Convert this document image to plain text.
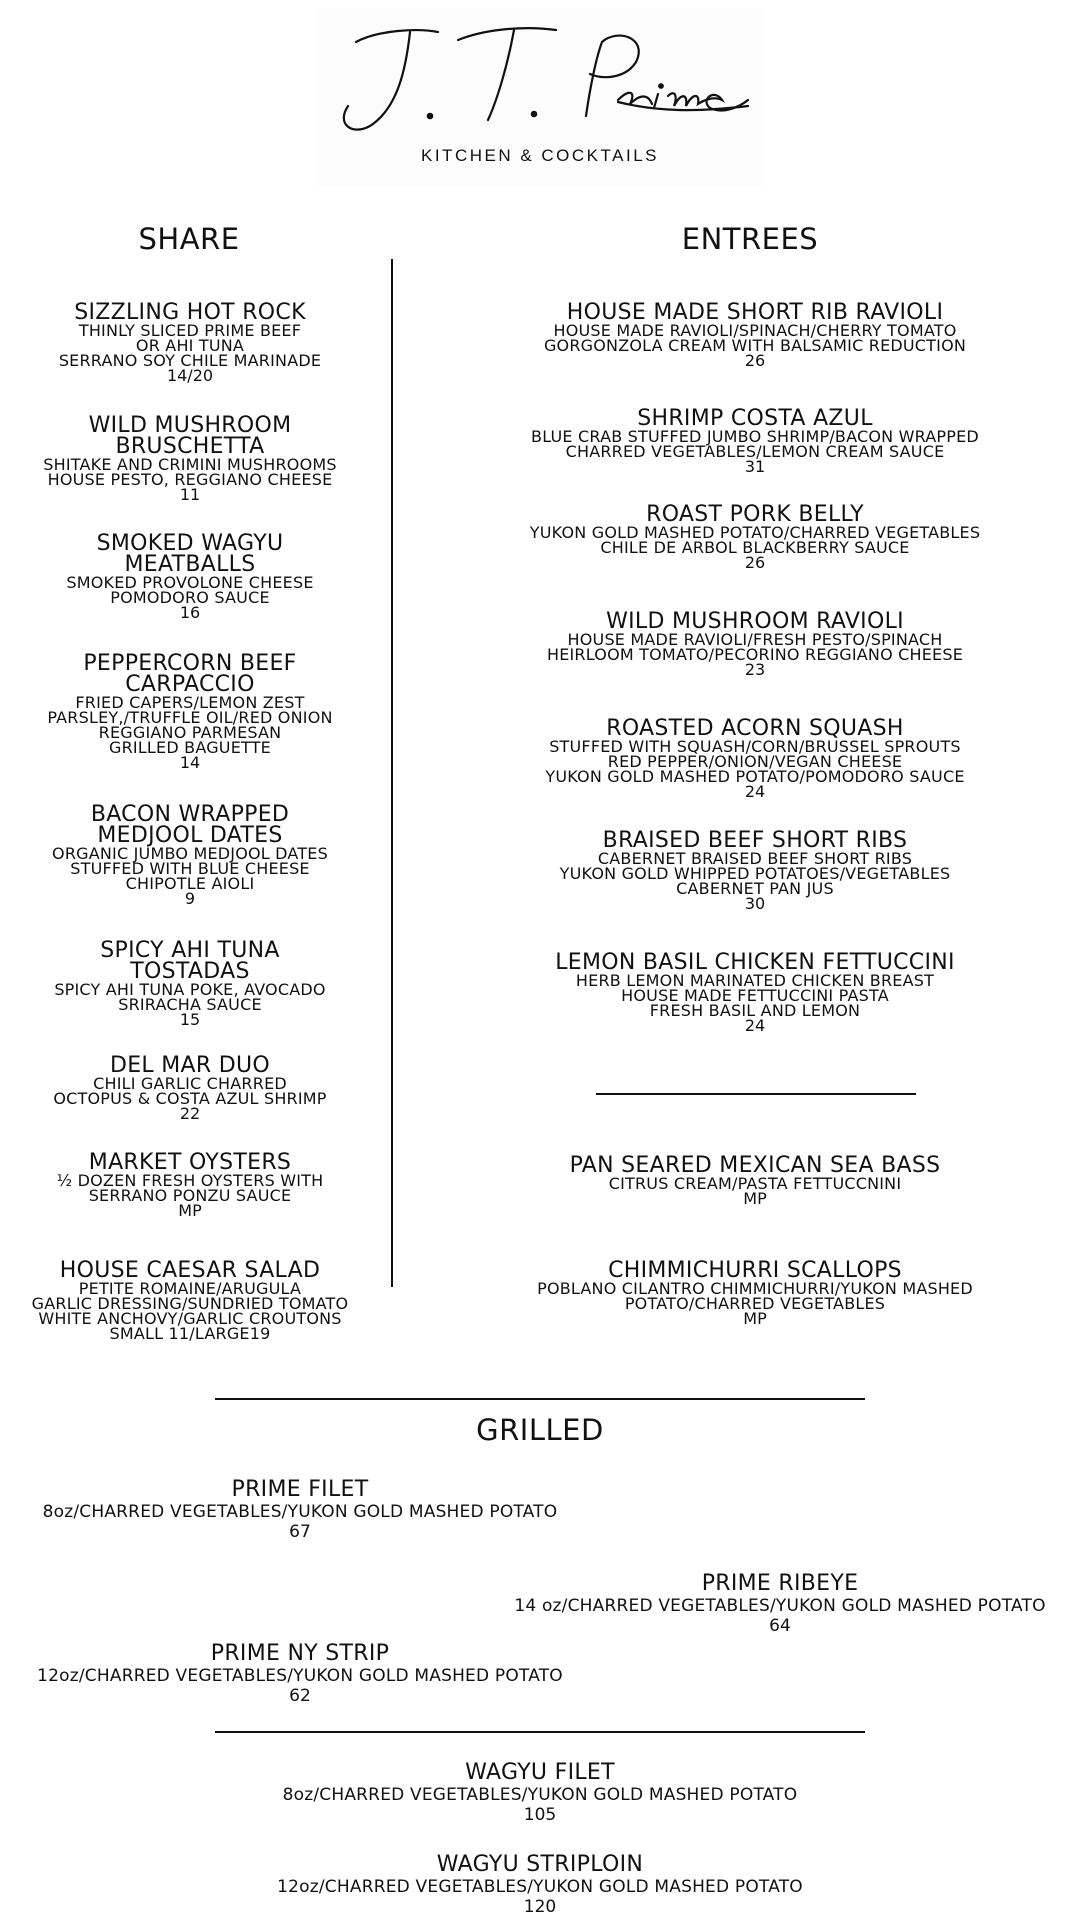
KITCHEN & COCKTAILS
SHARE	ENTREES
SIZZLING HOT ROCK
THINLY SLICED PRIME BEEF
OR AHI TUNA
SERRANO SOY CHILE MARINADE
14/20
WILD MUSHROOM
BRUSCHETTA
SHITAKE AND CRIMINI MUSHROOMS
HOUSE PESTO, REGGIANO CHEESE
11
SMOKED WAGYU
MEATBALLS
SMOKED PROVOLONE CHEESE
POMODORO SAUCE
16
PEPPERCORN BEEF
CARPACCIO
FRIED CAPERS/LEMON ZEST
PARSLEY,/TRUFFLE OIL/RED ONION
REGGIANO PARMESAN
GRILLED BAGUETTE
14
BACON WRAPPED
MEDJOOL DATES
ORGANIC JUMBO MEDJOOL DATES
STUFFED WITH BLUE CHEESE
CHIPOTLE AIOLI
9
SPICY AHI TUNA
TOSTADAS
SPICY AHI TUNA POKE, AVOCADO
SRIRACHA SAUCE
15
DEL MAR DUO
CHILI GARLIC CHARRED
OCTOPUS & COSTA AZUL SHRIMP
22
MARKET OYSTERS
½ DOZEN FRESH OYSTERS WITH
SERRANO PONZU SAUCE
MP
HOUSE CAESAR SALAD
PETITE ROMAINE/ARUGULA
GARLIC DRESSING/SUNDRIED TOMATO
WHITE ANCHOVY/GARLIC CROUTONS
SMALL 11/LARGE19
HOUSE MADE SHORT RIB RAVIOLI
HOUSE MADE RAVIOLI/SPINACH/CHERRY TOMATO
GORGONZOLA CREAM WITH BALSAMIC REDUCTION
26
SHRIMP COSTA AZUL
BLUE CRAB STUFFED JUMBO SHRIMP/BACON WRAPPED
CHARRED VEGETABLES/LEMON CREAM SAUCE
31
ROAST PORK BELLY
YUKON GOLD MASHED POTATO/CHARRED VEGETABLES
CHILE DE ARBOL BLACKBERRY SAUCE
26
WILD MUSHROOM RAVIOLI
HOUSE MADE RAVIOLI/FRESH PESTO/SPINACH
HEIRLOOM TOMATO/PECORINO REGGIANO CHEESE
23
ROASTED ACORN SQUASH
STUFFED WITH SQUASH/CORN/BRUSSEL SPROUTS
RED PEPPER/ONION/VEGAN CHEESE
YUKON GOLD MASHED POTATO/POMODORO SAUCE
24
BRAISED BEEF SHORT RIBS
CABERNET BRAISED BEEF SHORT RIBS
YUKON GOLD WHIPPED POTATOES/VEGETABLES
CABERNET PAN JUS
30
LEMON BASIL CHICKEN FETTUCCINI
HERB LEMON MARINATED CHICKEN BREAST
HOUSE MADE FETTUCCINI PASTA
FRESH BASIL AND LEMON
24
PAN SEARED MEXICAN SEA BASS
CITRUS CREAM/PASTA FETTUCCNINI
MP
CHIMMICHURRI SCALLOPS
POBLANO CILANTRO CHIMMICHURRI/YUKON MASHED
POTATO/CHARRED VEGETABLES
MP
GRILLED
PRIME FILET
8oz/CHARRED VEGETABLES/YUKON GOLD MASHED POTATO
67
PRIME RIBEYE
14 oz/CHARRED VEGETABLES/YUKON GOLD MASHED POTATO
64
PRIME NY STRIP
12oz/CHARRED VEGETABLES/YUKON GOLD MASHED POTATO
62
WAGYU FILET
8oz/CHARRED VEGETABLES/YUKON GOLD MASHED POTATO
105
WAGYU STRIPLOIN
12oz/CHARRED VEGETABLES/YUKON GOLD MASHED POTATO
120
